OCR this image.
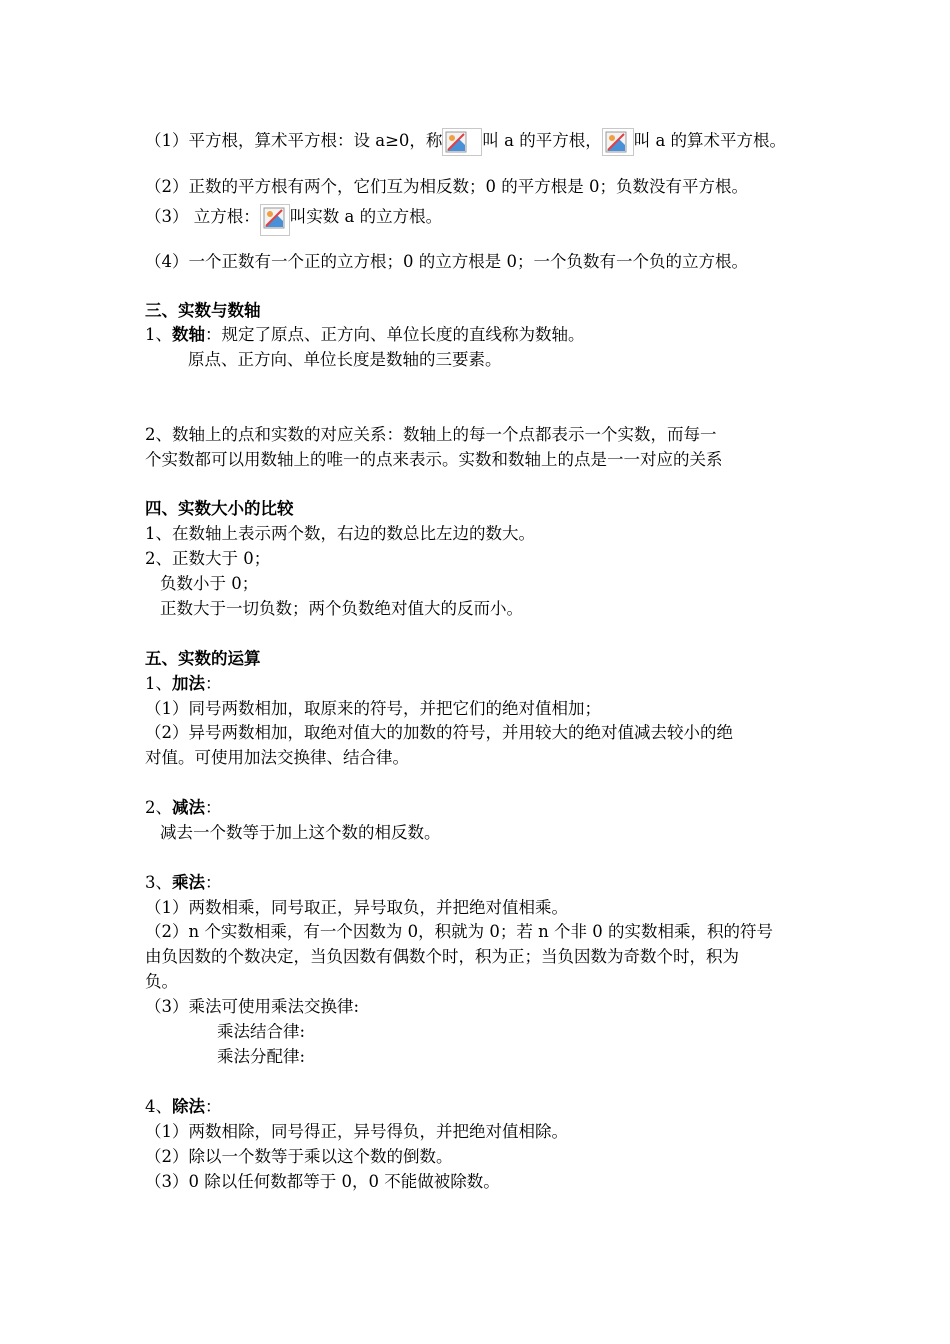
（1）平方根，算术平方根：设 a≥0，称 叫 a 的平方根， 叫 a 的算术平方根。
（2）正数的平方根有两个，它们互为相反数；0 的平方根是 0；负数没有平方根。
（3） 立方根： 叫实数 a 的立方根。
（4）一个正数有一个正的立方根；0 的立方根是 0；一个负数有一个负的立方根。
三、实数与数轴
1、数轴：规定了原点、正方向、单位长度的直线称为数轴。
原点、正方向、单位长度是数轴的三要素。
2、数轴上的点和实数的对应关系：数轴上的每一个点都表示一个实数，而每一
个实数都可以用数轴上的唯一的点来表示。实数和数轴上的点是一一对应的关系
四、实数大小的比较
1、在数轴上表示两个数，右边的数总比左边的数大。
2、正数大于 0；
负数小于 0；
正数大于一切负数；两个负数绝对值大的反而小。
五、实数的运算
1、加法：
（1）同号两数相加，取原来的符号，并把它们的绝对值相加；
（2）异号两数相加，取绝对值大的加数的符号，并用较大的绝对值减去较小的绝
对值。可使用加法交换律、结合律。
2、减法：
减去一个数等于加上这个数的相反数。
3、乘法：
（1）两数相乘，同号取正，异号取负，并把绝对值相乘。
（2）n 个实数相乘，有一个因数为 0，积就为 0；若 n 个非 0 的实数相乘，积的符号
由负因数的个数决定，当负因数有偶数个时，积为正；当负因数为奇数个时，积为
负。
（3）乘法可使用乘法交换律:
乘法结合律:
乘法分配律:
4、除法：
（1）两数相除，同号得正，异号得负，并把绝对值相除。
（2）除以一个数等于乘以这个数的倒数。
（3）0 除以任何数都等于 0，0 不能做被除数。
